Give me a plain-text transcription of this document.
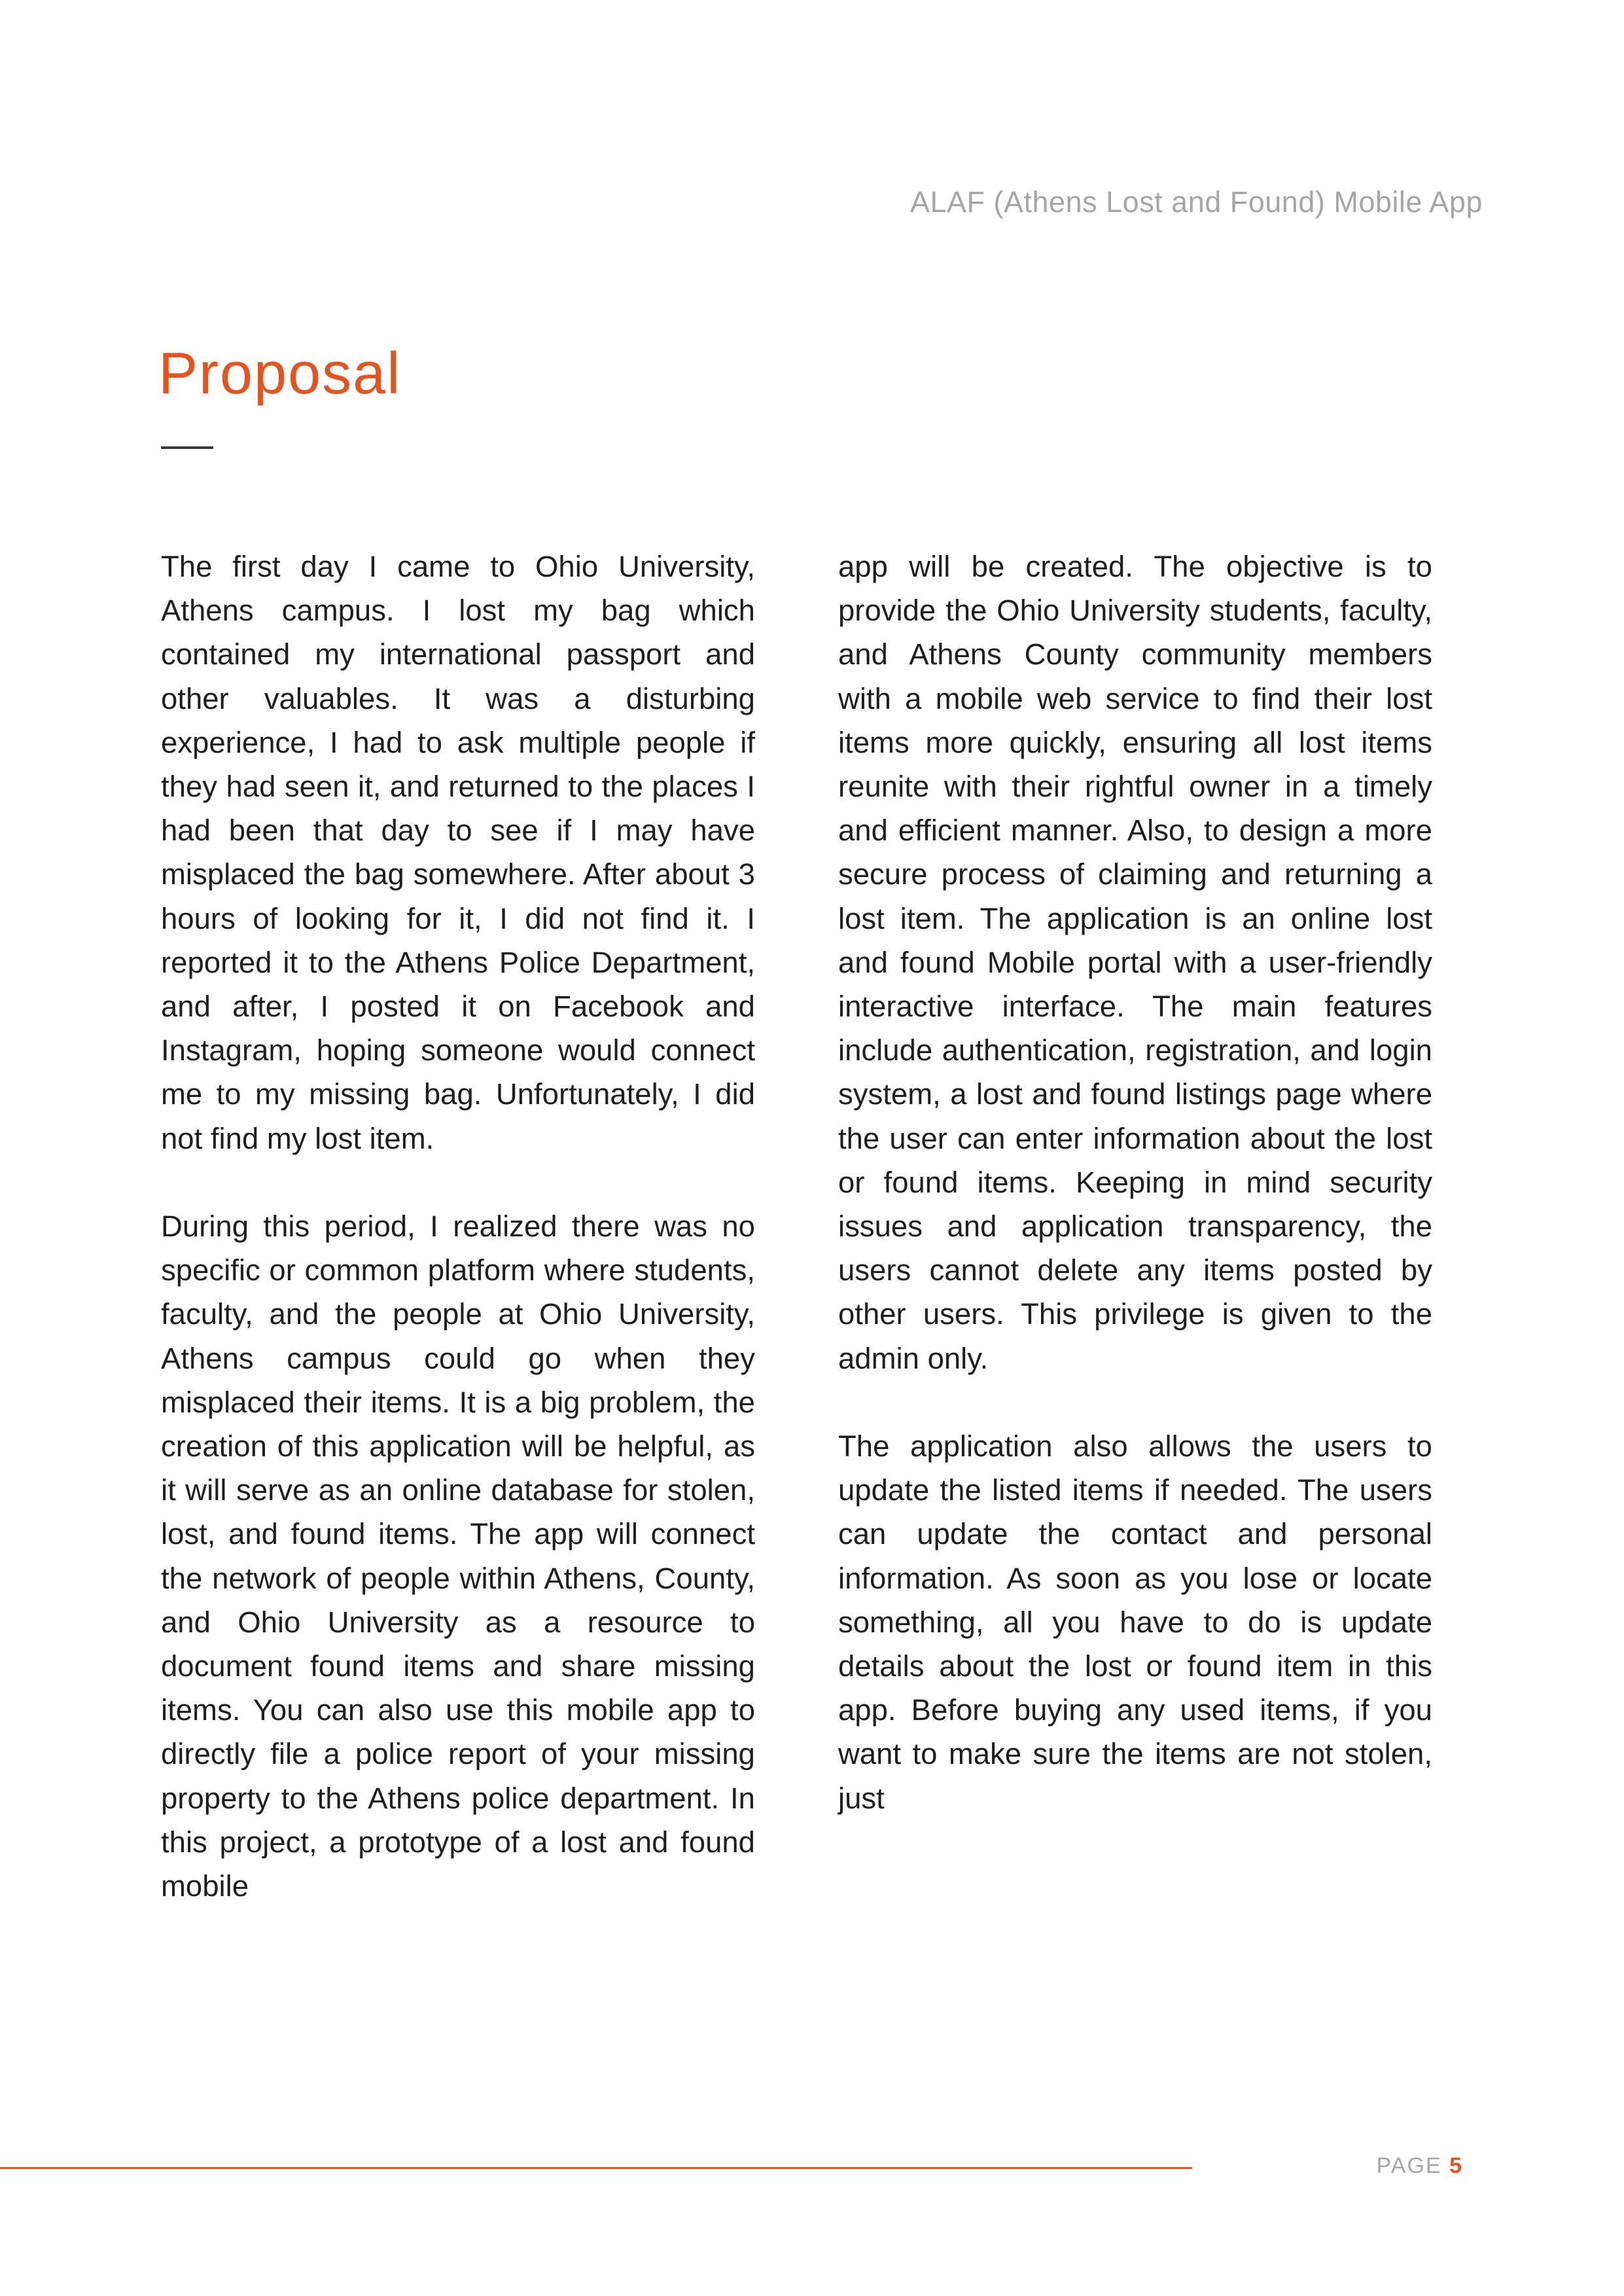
ALAF (Athens Lost and Found) Mobile App
Proposal

The first day I came to Ohio University, Athens campus. I lost my bag which contained my international passport and other valuables. It was a disturbing experience, I had to ask multiple people if they had seen it, and returned to the places I had been that day to see if I may have misplaced the bag somewhere. After about 3 hours of looking for it, I did not find it. I reported it to the Athens Police Department, and after, I posted it on Facebook and Instagram, hoping someone would connect me to my missing bag. Unfortunately, I did not find my lost item.

During this period, I realized there was no specific or common platform where students, faculty, and the people at Ohio University, Athens campus could go when they misplaced their items. It is a big problem, the creation of this application will be helpful, as it will serve as an online database for stolen, lost, and found items. The app will connect the network of people within Athens, County, and Ohio University as a resource to document found items and share missing items. You can also use this mobile app to directly file a police report of your missing property to the Athens police department. In this project, a prototype of a lost and found mobile

app will be created. The objective is to provide the Ohio University students, faculty, and Athens County community members with a mobile web service to find their lost items more quickly, ensuring all lost items reunite with their rightful owner in a timely and efficient manner. Also, to design a more secure process of claiming and returning a lost item. The application is an online lost and found Mobile portal with a user-friendly interactive interface. The main features include authentication, registration, and login system, a lost and found listings page where the user can enter information about the lost or found items. Keeping in mind security issues and application transparency, the users cannot delete any items posted by other users. This privilege is given to the admin only.

The application also allows the users to update the listed items if needed. The users can update the contact and personal information. As soon as you lose or locate something, all you have to do is update details about the lost or found item in this app. Before buying any used items, if you want to make sure the items are not stolen, just

PAGE 5
